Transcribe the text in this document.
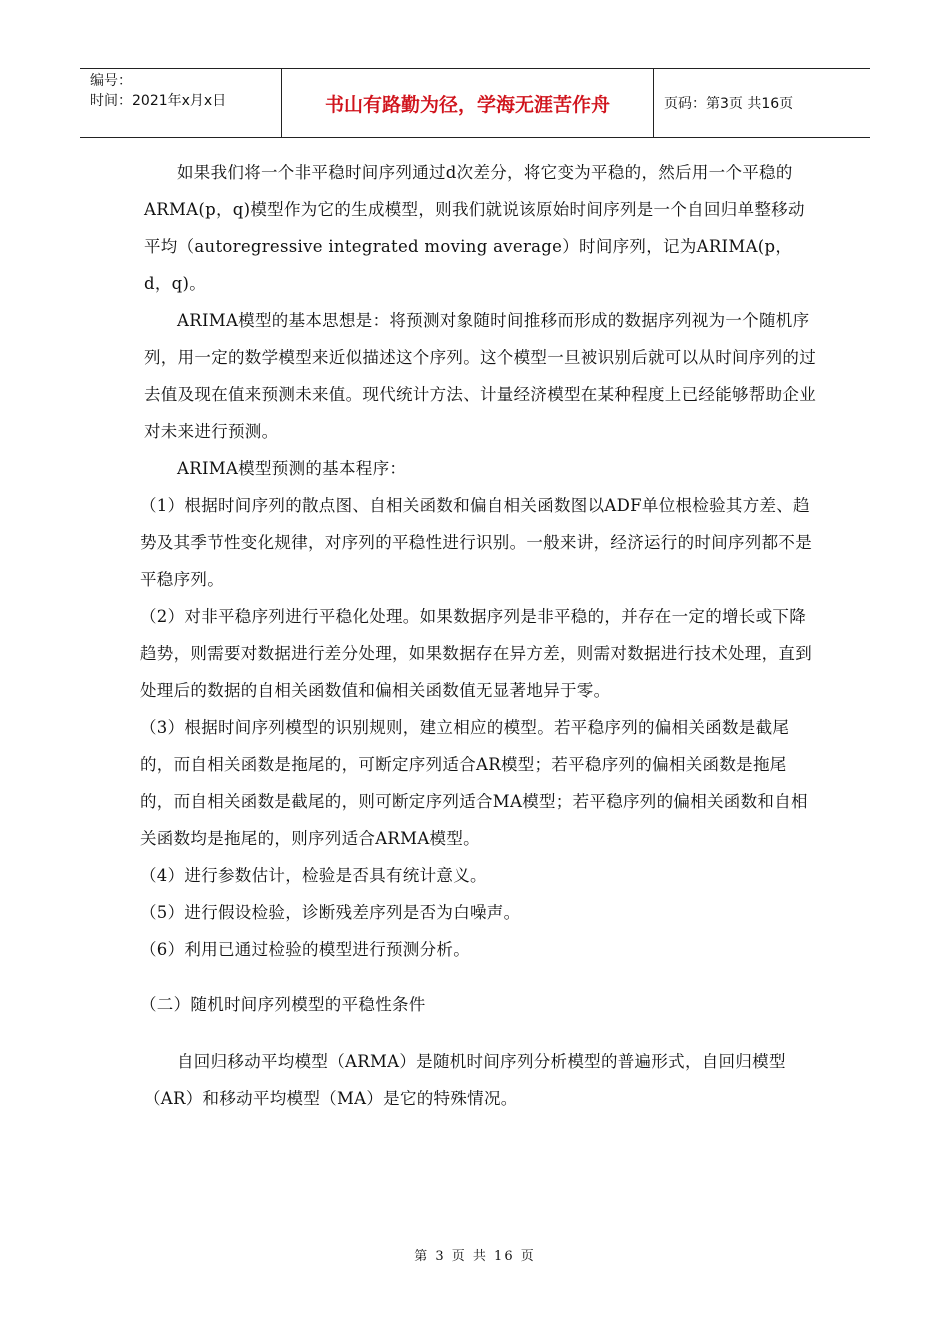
编号：
时间：2021年x月x日	书山有路勤为径，学海无涯苦作舟	页码：第3页 共16页

如果我们将一个非平稳时间序列通过d次差分，将它变为平稳的，然后用一个平稳的ARMA(p，q)模型作为它的生成模型，则我们就说该原始时间序列是一个自回归单整移动平均（autoregressive integrated moving average）时间序列，记为ARIMA(p，d，q)。

ARIMA模型的基本思想是：将预测对象随时间推移而形成的数据序列视为一个随机序列，用一定的数学模型来近似描述这个序列。这个模型一旦被识别后就可以从时间序列的过去值及现在值来预测未来值。现代统计方法、计量经济模型在某种程度上已经能够帮助企业对未来进行预测。

ARIMA模型预测的基本程序：

（1）根据时间序列的散点图、自相关函数和偏自相关函数图以ADF单位根检验其方差、趋势及其季节性变化规律，对序列的平稳性进行识别。一般来讲，经济运行的时间序列都不是平稳序列。

（2）对非平稳序列进行平稳化处理。如果数据序列是非平稳的，并存在一定的增长或下降趋势，则需要对数据进行差分处理，如果数据存在异方差，则需对数据进行技术处理，直到处理后的数据的自相关函数值和偏相关函数值无显著地异于零。

（3）根据时间序列模型的识别规则，建立相应的模型。若平稳序列的偏相关函数是截尾的，而自相关函数是拖尾的，可断定序列适合AR模型；若平稳序列的偏相关函数是拖尾的，而自相关函数是截尾的，则可断定序列适合MA模型；若平稳序列的偏相关函数和自相关函数均是拖尾的，则序列适合ARMA模型。

（4）进行参数估计，检验是否具有统计意义。

（5）进行假设检验，诊断残差序列是否为白噪声。

（6）利用已通过检验的模型进行预测分析。

（二）随机时间序列模型的平稳性条件

自回归移动平均模型（ARMA）是随机时间序列分析模型的普遍形式，自回归模型（AR）和移动平均模型（MA）是它的特殊情况。

第 3 页 共 16 页
